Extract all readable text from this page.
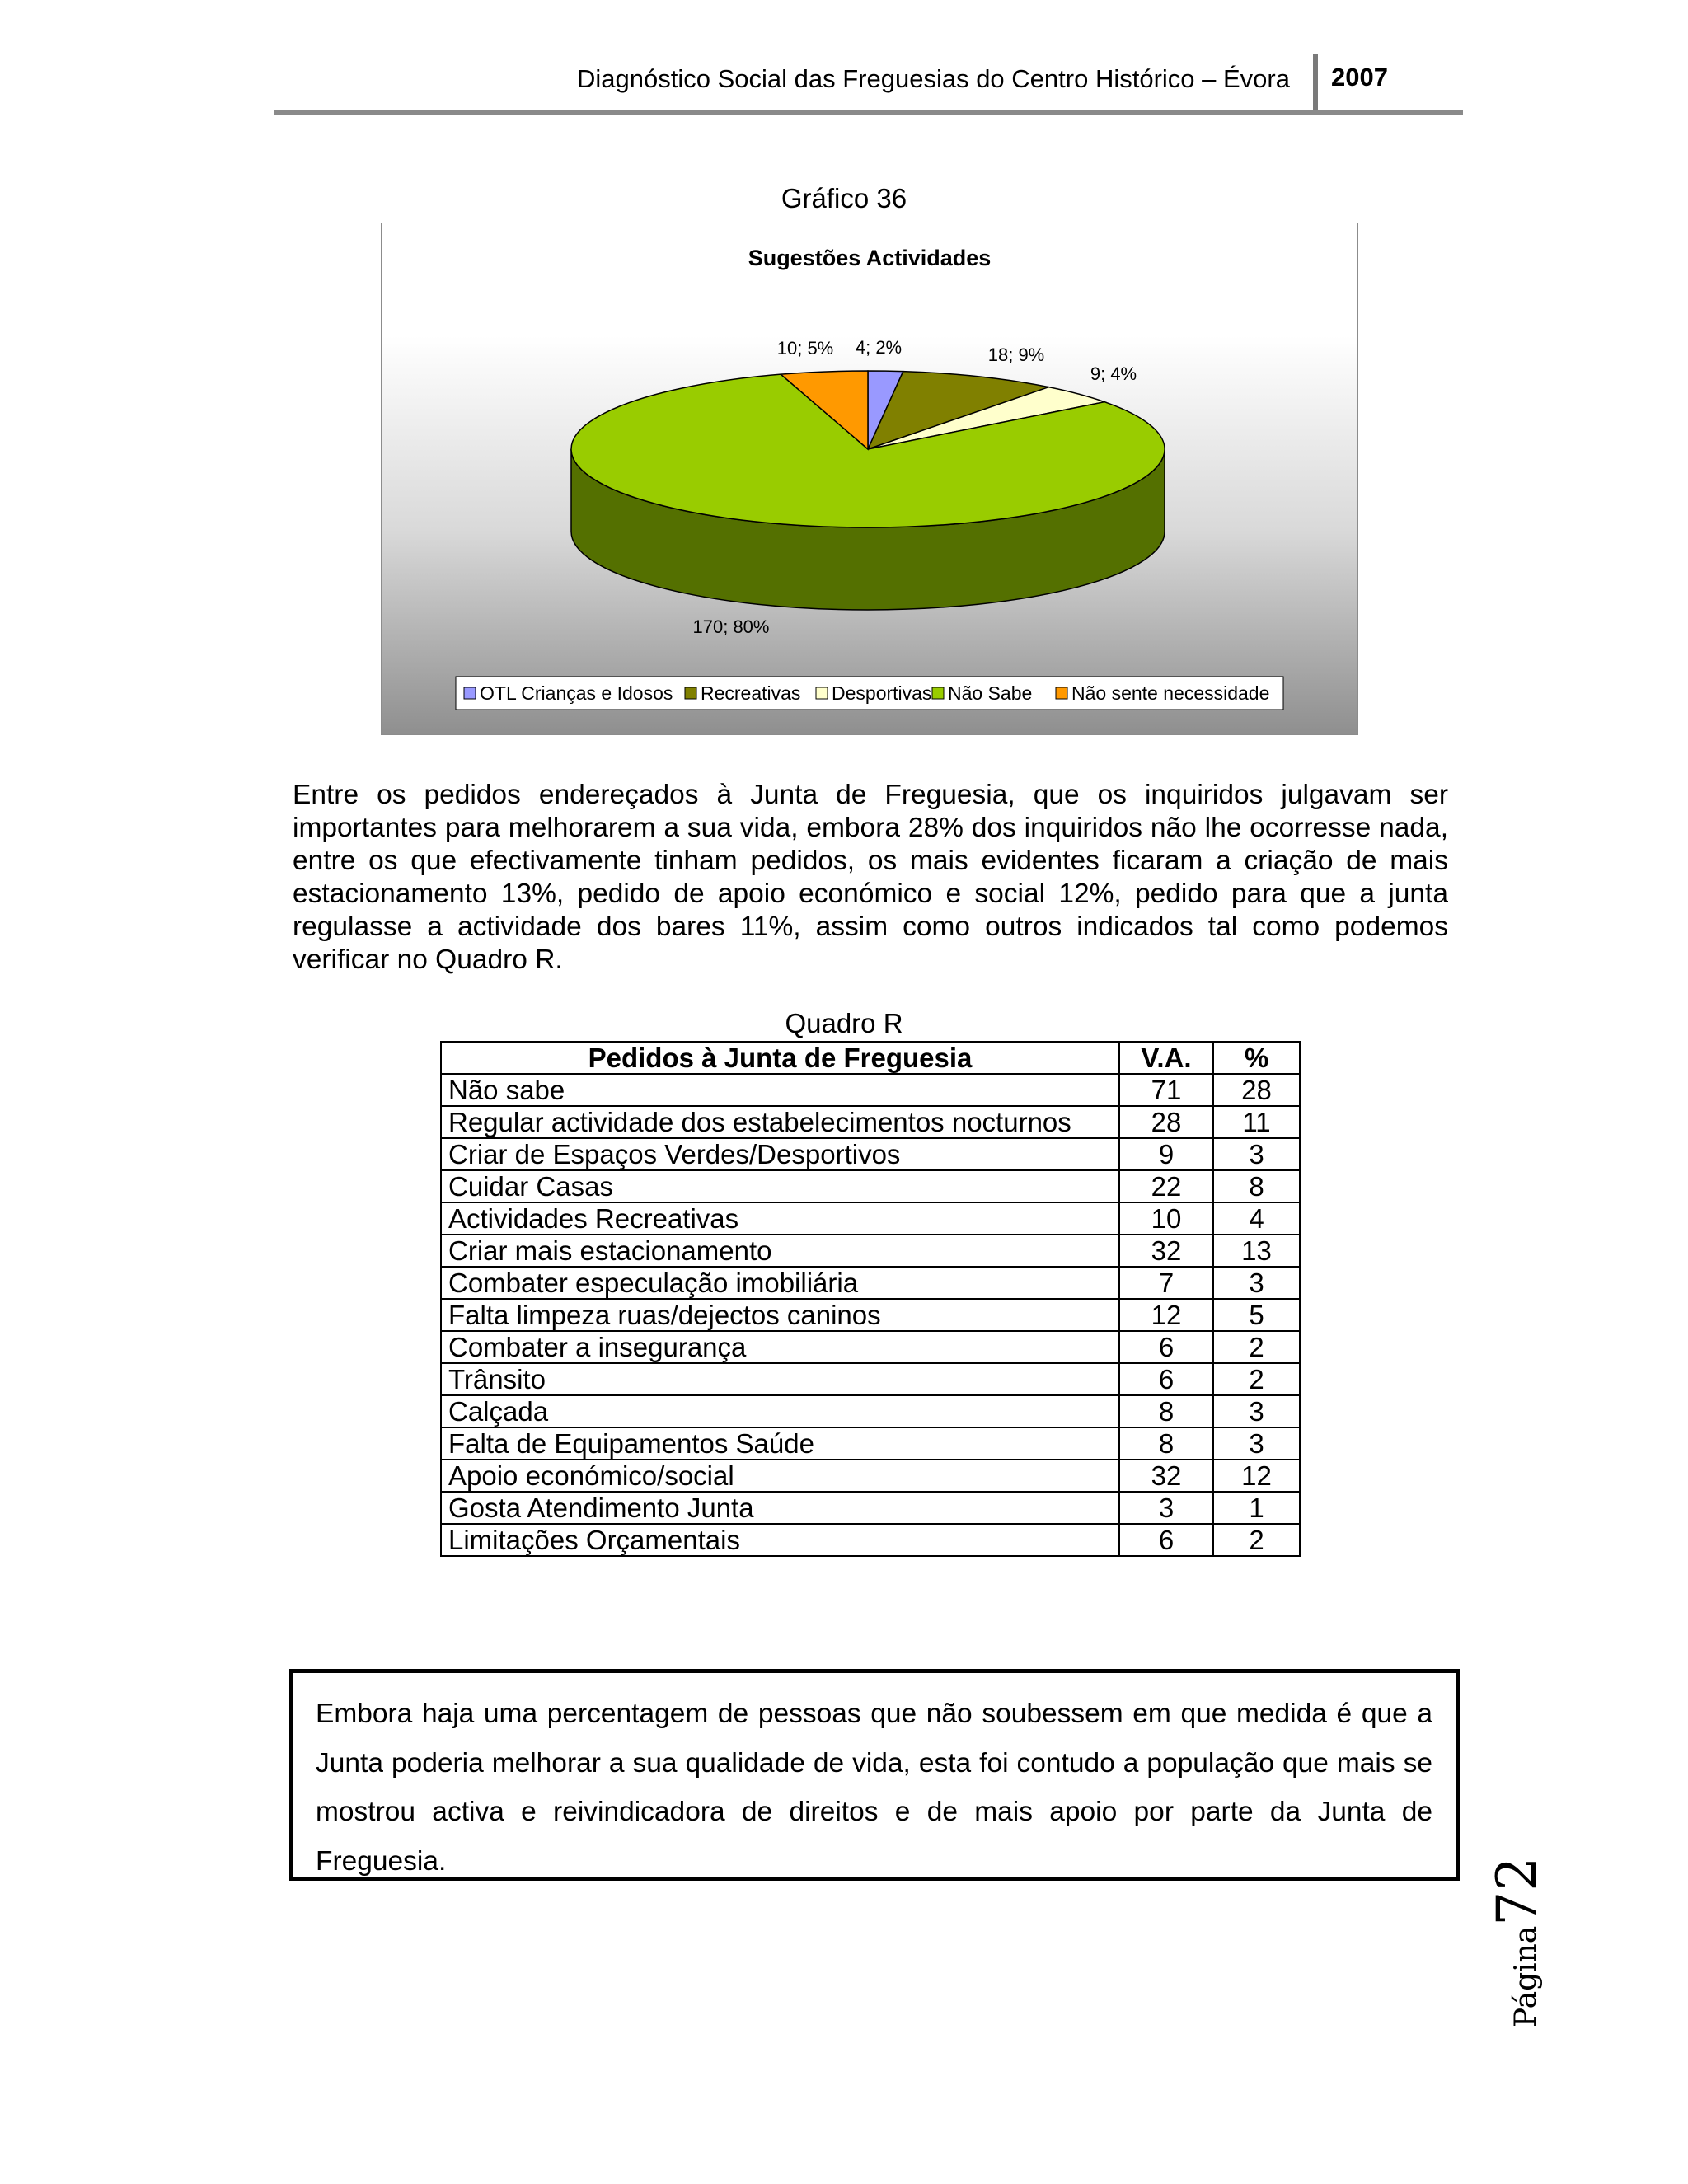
Diagnóstico Social das Freguesias do Centro Histórico – Évora	2007
Gráfico 36
Sugestões Actividades
4; 2%	18; 9%
9; 4%
170; 80%
10; 5%
OTL Crianças e Idosos Recreativas Desportivas Não Sabe Não sente necessidade
Entre os pedidos endereçados à Junta de Freguesia, que os inquiridos julgavam ser importantes para melhorarem a sua vida, embora 28% dos inquiridos não lhe ocorresse nada, entre os que efectivamente tinham pedidos, os mais evidentes ficaram a criação de mais estacionamento 13%, pedido de apoio económico e social 12%, pedido para que a junta regulasse a actividade dos bares 11%, assim como outros indicados tal como podemos verificar no Quadro R.
Quadro R
Pedidos à Junta de Freguesia	V.A.	%
Não sabe	71	28
Regular actividade dos estabelecimentos nocturnos	28	11
Criar de Espaços Verdes/Desportivos	9	3
Cuidar Casas	22	8
Actividades Recreativas	10	4
Criar mais estacionamento	32	13
Combater especulação imobiliária	7	3
Falta limpeza ruas/dejectos caninos	12	5
Combater a insegurança	6	2
Trânsito	6	2
Calçada	8	3
Falta de Equipamentos Saúde	8	3
Apoio económico/social	32	12
Gosta Atendimento Junta	3	1
Limitações Orçamentais	6	2
Embora haja uma percentagem de pessoas que não soubessem em que medida é que a Junta poderia melhorar a sua qualidade de vida, esta foi contudo a população que mais se mostrou activa e reivindicadora de direitos e de mais apoio por parte da Junta de Freguesia.
Página72
